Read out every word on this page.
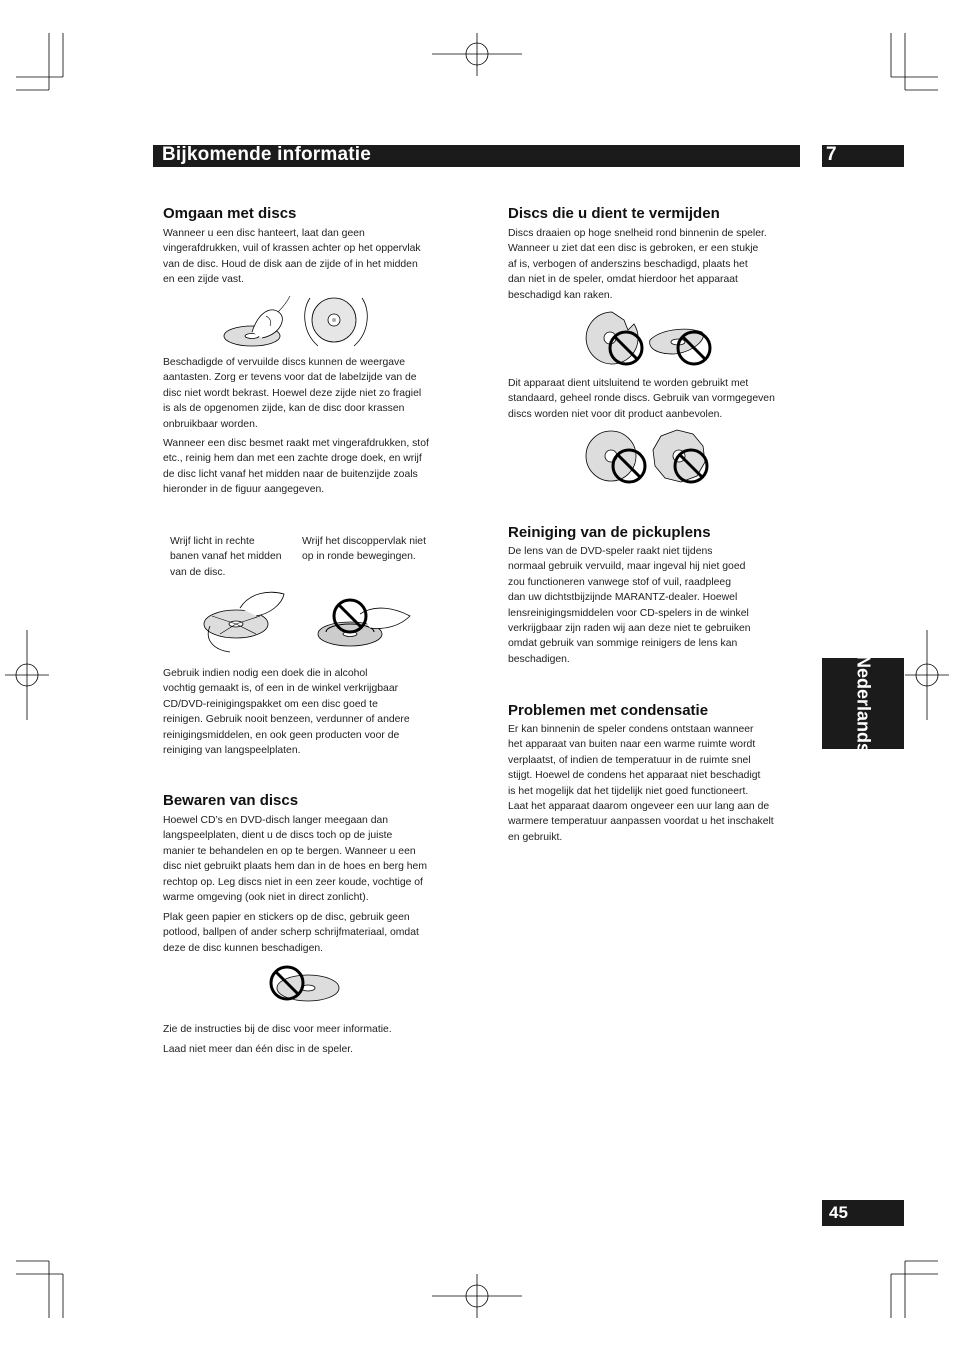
Bijkomende informatie	7
Nederlands
45
Omgaan met discs

Wanneer u een disc hanteert, laat dan geen
vingerafdrukken, vuil of krassen achter op het oppervlak
van de disc. Houd de disk aan de zijde of in het midden
en een zijde vast.

Beschadigde of vervuilde discs kunnen de weergave
aantasten. Zorg er tevens voor dat de labelzijde van de
disc niet wordt bekrast. Hoewel deze zijde niet zo fragiel
is als de opgenomen zijde, kan de disc door krassen
onbruikbaar worden.

Wanneer een disc besmet raakt met vingerafdrukken, stof
etc., reinig hem dan met een zachte droge doek, en wrijf
de disc licht vanaf het midden naar de buitenzijde zoals
hieronder in de figuur aangegeven.

Wrijf licht in rechte
banen vanaf het midden
van de disc.
Wrijf het discoppervlak niet
op in ronde bewegingen.

Gebruik indien nodig een doek die in alcohol
vochtig gemaakt is, of een in de winkel verkrijgbaar
CD/DVD-reinigingspakket om een disc goed te
reinigen. Gebruik nooit benzeen, verdunner of andere
reinigingsmiddelen, en ook geen producten voor de
reiniging van langspeelplaten.

Bewaren van discs

Hoewel CD’s en DVD-disch langer meegaan dan
langspeelplaten, dient u de discs toch op de juiste
manier te behandelen en op te bergen. Wanneer u een
disc niet gebruikt plaats hem dan in de hoes en berg hem
rechtop op. Leg discs niet in een zeer koude, vochtige of
warme omgeving (ook niet in direct zonlicht).

Plak geen papier en stickers op de disc, gebruik geen
potlood, ballpen of ander scherp schrijfmateriaal, omdat
deze de disc kunnen beschadigen.

Zie de instructies bij de disc voor meer informatie.

Laad niet meer dan één disc in de speler.

Discs die u dient te vermijden

Discs draaien op hoge snelheid rond binnenin de speler.
Wanneer u ziet dat een disc is gebroken, er een stukje
af is, verbogen of anderszins beschadigd, plaats het
dan niet in de speler, omdat hierdoor het apparaat
beschadigd kan raken.

Dit apparaat dient uitsluitend te worden gebruikt met
standaard, geheel ronde discs. Gebruik van vormgegeven
discs worden niet voor dit product aanbevolen.

Reiniging van de pickuplens

De lens van de DVD-speler raakt niet tijdens
normaal gebruik vervuild, maar ingeval hij niet goed
zou functioneren vanwege stof of vuil, raadpleeg
dan uw dichtstbijzijnde MARANTZ-dealer. Hoewel
lensreinigingsmiddelen voor CD-spelers in de winkel
verkrijgbaar zijn raden wij aan deze niet te gebruiken
omdat gebruik van sommige reinigers de lens kan
beschadigen.

Problemen met condensatie

Er kan binnenin de speler condens ontstaan wanneer
het apparaat van buiten naar een warme ruimte wordt
verplaatst, of indien de temperatuur in de ruimte snel
stijgt. Hoewel de condens het apparaat niet beschadigt
is het mogelijk dat het tijdelijk niet goed functioneert.
Laat het apparaat daarom ongeveer een uur lang aan de
warmere temperatuur aanpassen voordat u het inschakelt
en gebruikt.
